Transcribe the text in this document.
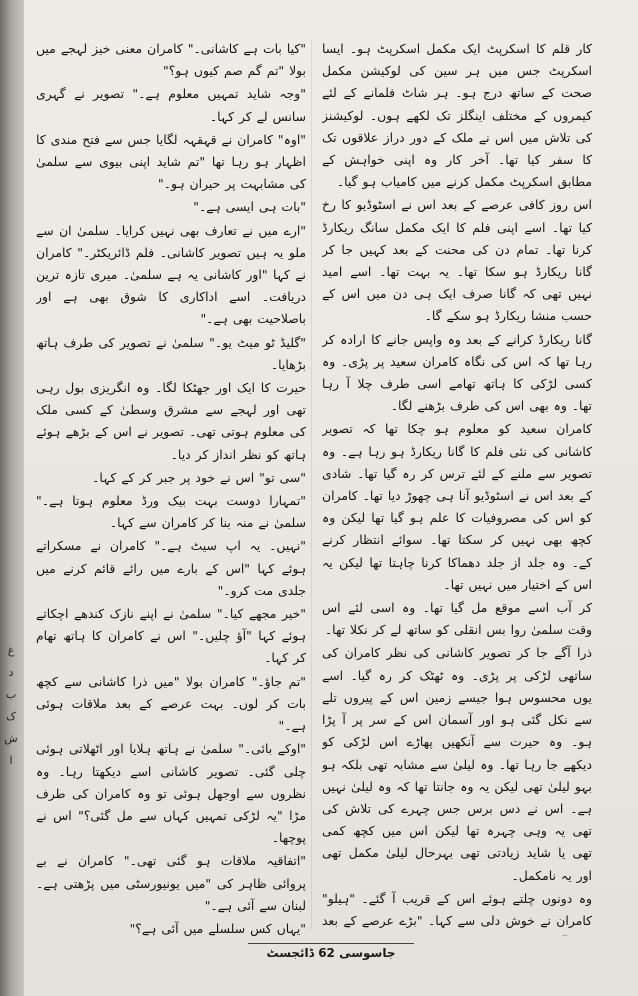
غ
د
ب
ک
ش
ا

کار قلم کا اسکرپٹ ایک مکمل اسکرپٹ ہو۔ ایسا اسکرپٹ جس میں ہر سین کی لوکیشن مکمل صحت کے ساتھ درج ہو۔ ہر شاٹ فلمانے کے لئے کیمروں کے مختلف اینگلز تک لکھے ہوں۔ لوکیشنز کی تلاش میں اس نے ملک کے دور دراز علاقوں تک کا سفر کیا تھا۔ آخر کار وہ اپنی خواہش کے مطابق اسکرپٹ مکمل کرنے میں کامیاب ہو گیا۔

اس روز کافی عرصے کے بعد اس نے اسٹوڈیو کا رخ کیا تھا۔ اسے اپنی فلم کا ایک مکمل سانگ ریکارڈ کرنا تھا۔ تمام دن کی محنت کے بعد کہیں جا کر گانا ریکارڈ ہو سکا تھا۔ یہ بہت تھا۔ اسے امید نہیں تھی کہ گانا صرف ایک ہی دن میں اس کے حسب منشا ریکارڈ ہو سکے گا۔

گانا ریکارڈ کرانے کے بعد وہ واپس جانے کا ارادہ کر رہا تھا کہ اس کی نگاہ کامران سعید پر پڑی۔ وہ کسی لڑکی کا ہاتھ تھامے اسی طرف چلا آ رہا تھا۔ وہ بھی اس کی طرف بڑھنے لگا۔

کامران سعید کو معلوم ہو چکا تھا کہ تصویر کاشانی کی نئی فلم کا گانا ریکارڈ ہو رہا ہے۔ وہ تصویر سے ملنے کے لئے ترس کر رہ گیا تھا۔ شادی کے بعد اس نے اسٹوڈیو آنا ہی چھوڑ دیا تھا۔ کامران کو اس کی مصروفیات کا علم ہو گیا تھا لیکن وہ کچھ بھی نہیں کر سکتا تھا۔ سوائے انتظار کرنے کے۔ وہ جلد از جلد دھماکا کرنا چاہتا تھا لیکن یہ اس کے اختیار میں نہیں تھا۔

کر آب اسے موقع مل گیا تھا۔ وہ اسی لئے اس وقت سلمیٰ روا بس انقلی کو ساتھ لے کر نکلا تھا۔

ذرا آگے جا کر تصویر کاشانی کی نظر کامران کی ساتھی لڑکی پر پڑی۔ وہ ٹھٹک کر رہ گیا۔ اسے یوں محسوس ہوا جیسے زمین اس کے پیروں تلے سے نکل گئی ہو اور آسمان اس کے سر پر آ پڑا ہو۔ وہ حیرت سے آنکھیں پھاڑے اس لڑکی کو دیکھے جا رہا تھا۔ وہ لیلیٰ سے مشابہ تھی بلکہ ہو بہو لیلیٰ تھی لیکن یہ وہ جانتا تھا کہ وہ لیلیٰ نہیں ہے۔ اس نے دس برس جس چہرے کی تلاش کی تھی یہ وہی چہرہ تھا لیکن اس میں کچھ کمی تھی یا شاید زیادتی تھی بہرحال لیلیٰ مکمل تھی اور یہ نامکمل۔

وہ دونوں چلتے ہوئے اس کے قریب آ گئے۔ "ہیلو" کامران نے خوش دلی سے کہا۔ "بڑے عرصے کے بعد

"کیا بات ہے کاشانی۔" کامران معنی خیز لہجے میں بولا "تم گم صم کیوں ہو؟"

"وجہ شاید تمہیں معلوم ہے۔" تصویر نے گہری سانس لے کر کہا۔

"اوہ" کامران نے قہقہہ لگایا جس سے فتح مندی کا اظہار ہو رہا تھا "تم شاید اپنی بیوی سے سلمیٰ کی مشابہت پر حیران ہو۔"

"بات ہی ایسی ہے۔"

"ارے میں نے تعارف بھی نہیں کرایا۔ سلمیٰ ان سے ملو یہ ہیں تصویر کاشانی۔ فلم ڈائریکٹر۔" کامران نے کہا "اور کاشانی یہ ہے سلمیٰ۔ میری تازہ ترین دریافت۔ اسے اداکاری کا شوق بھی ہے اور باصلاحیت بھی ہے۔"

"گلیڈ ٹو میٹ یو۔" سلمیٰ نے تصویر کی طرف ہاتھ بڑھایا۔

حیرت کا ایک اور جھٹکا لگا۔ وہ انگریزی بول رہی تھی اور لہجے سے مشرق وسطیٰ کے کسی ملک کی معلوم ہوتی تھی۔ تصویر نے اس کے بڑھے ہوئے ہاتھ کو نظر انداز کر دیا۔

"سی تو" اس نے خود پر جبر کر کے کہا۔

"تمہارا دوست بہت بیک ورڈ معلوم ہوتا ہے۔" سلمیٰ نے منہ بنا کر کامران سے کہا۔

"نہیں۔ یہ اپ سیٹ ہے۔" کامران نے مسکراتے ہوئے کہا "اس کے بارے میں رائے قائم کرنے میں جلدی مت کرو۔"

"خیر مجھے کیا۔" سلمیٰ نے اپنے نازک کندھے اچکاتے ہوئے کہا "آؤ چلیں۔" اس نے کامران کا ہاتھ تھام کر کہا۔

"تم جاؤ۔" کامران بولا "میں ذرا کاشانی سے کچھ بات کر لوں۔ بہت عرصے کے بعد ملاقات ہوئی ہے۔"

"اوکے بائی۔" سلمیٰ نے ہاتھ ہلایا اور اٹھلاتی ہوئی چلی گئی۔ تصویر کاشانی اسے دیکھتا رہا۔ وہ نظروں سے اوجھل ہوئی تو وہ کامران کی طرف مڑا "یہ لڑکی تمہیں کہاں سے مل گئی؟" اس نے پوچھا۔

"اتفاقیہ ملاقات ہو گئی تھی۔" کامران نے بے پروائی ظاہر کی "میں یونیورسٹی میں پڑھتی ہے۔ لبنان سے آئی ہے۔"

"یہاں کس سلسلے میں آئی ہے؟"

جاسوسی 62 ڈائجسٹ
